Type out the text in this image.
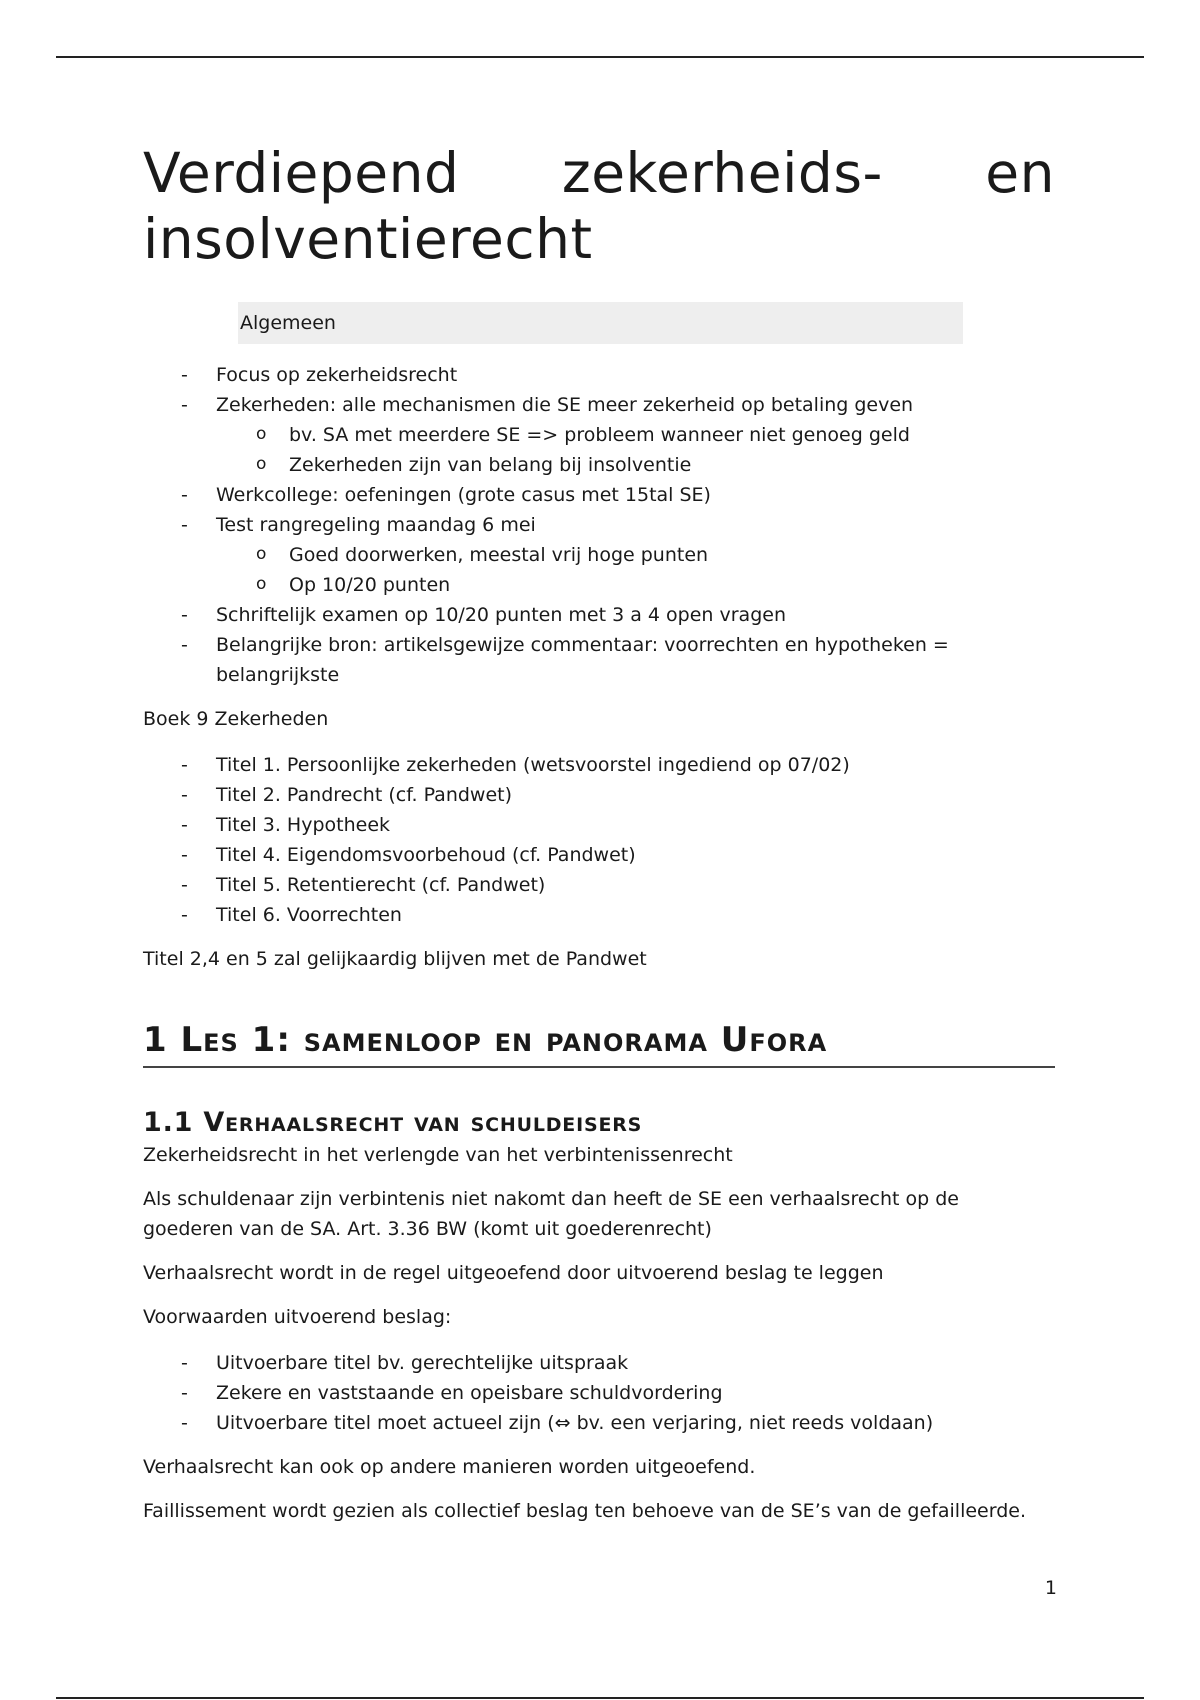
Verdiepend zekerheids- en
insolventierecht
Algemeen
- Focus op zekerheidsrecht
- Zekerheden: alle mechanismen die SE meer zekerheid op betaling geven
o bv. SA met meerdere SE => probleem wanneer niet genoeg geld
o Zekerheden zijn van belang bij insolventie
- Werkcollege: oefeningen (grote casus met 15tal SE)
- Test rangregeling maandag 6 mei
o Goed doorwerken, meestal vrij hoge punten
o Op 10/20 punten
- Schriftelijk examen op 10/20 punten met 3 a 4 open vragen
- Belangrijke bron: artikelsgewijze commentaar: voorrechten en hypotheken = belangrijkste

Boek 9 Zekerheden

- Titel 1. Persoonlijke zekerheden (wetsvoorstel ingediend op 07/02)
- Titel 2. Pandrecht (cf. Pandwet)
- Titel 3. Hypotheek
- Titel 4. Eigendomsvoorbehoud (cf. Pandwet)
- Titel 5. Retentierecht (cf. Pandwet)
- Titel 6. Voorrechten

Titel 2,4 en 5 zal gelijkaardig blijven met de Pandwet

1 Les 1: samenloop en panorama Ufora
1.1 Verhaalsrecht van schuldeisers

Zekerheidsrecht in het verlengde van het verbintenissenrecht

Als schuldenaar zijn verbintenis niet nakomt dan heeft de SE een verhaalsrecht op de goederen van de SA. Art. 3.36 BW (komt uit goederenrecht)

Verhaalsrecht wordt in de regel uitgeoefend door uitvoerend beslag te leggen

Voorwaarden uitvoerend beslag:

- Uitvoerbare titel bv. gerechtelijke uitspraak
- Zekere en vaststaande en opeisbare schuldvordering
- Uitvoerbare titel moet actueel zijn (⇔ bv. een verjaring, niet reeds voldaan)

Verhaalsrecht kan ook op andere manieren worden uitgeoefend.

Faillissement wordt gezien als collectief beslag ten behoeve van de SE’s van de gefailleerde.

1
